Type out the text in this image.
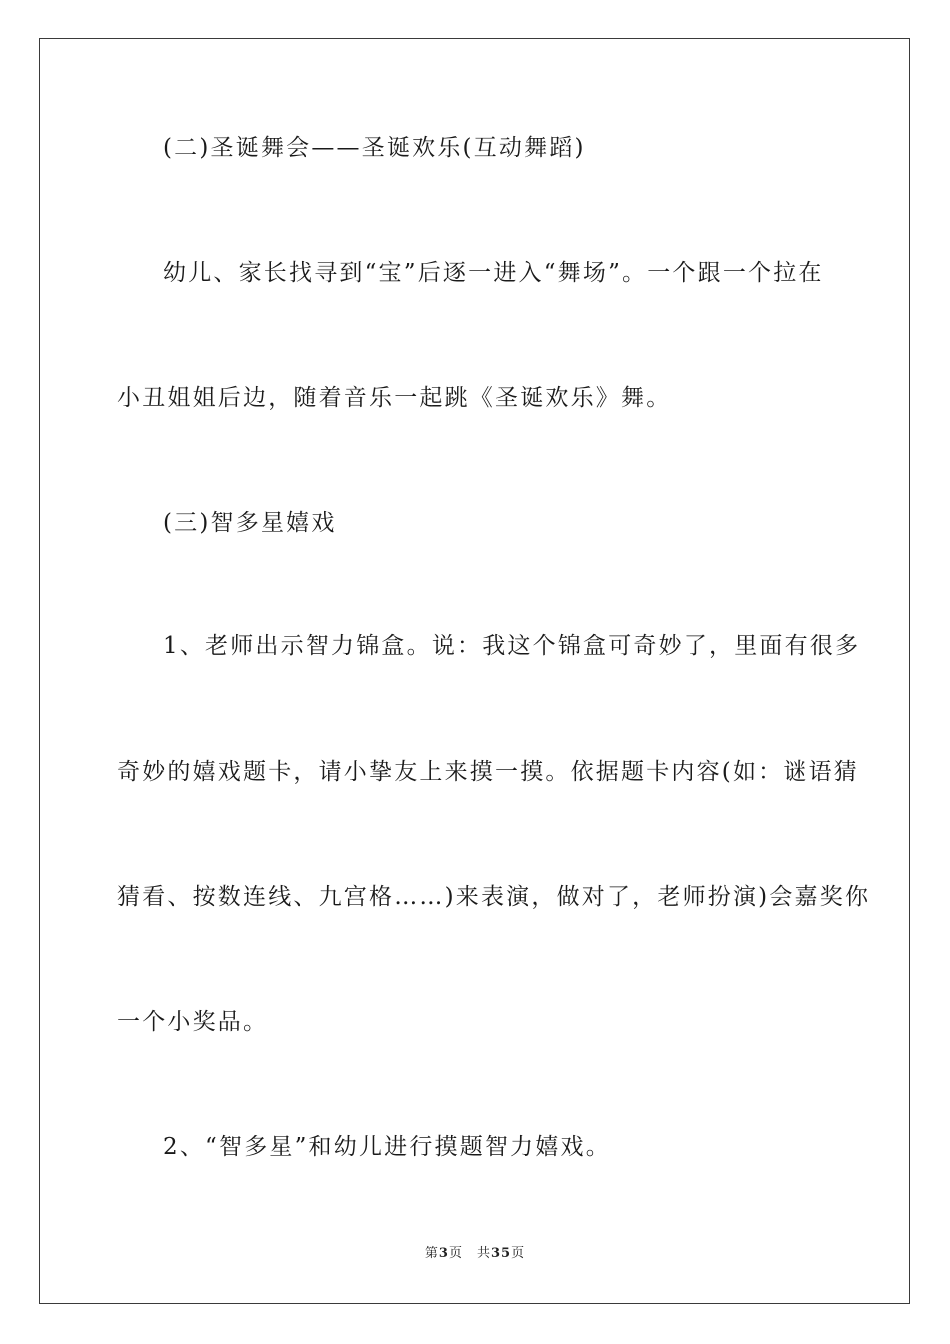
(二)圣诞舞会——圣诞欢乐(互动舞蹈)
幼儿、家长找寻到“宝”后逐一进入“舞场”。一个跟一个拉在
小丑姐姐后边，随着音乐一起跳《圣诞欢乐》舞。
(三)智多星嬉戏
1、老师出示智力锦盒。说：我这个锦盒可奇妙了，里面有很多
奇妙的嬉戏题卡，请小挚友上来摸一摸。依据题卡内容(如：谜语猜
猜看、按数连线、九宫格……)来表演，做对了，老师扮演)会嘉奖你
一个小奖品。
2、“智多星”和幼儿进行摸题智力嬉戏。
第3页 共35页
